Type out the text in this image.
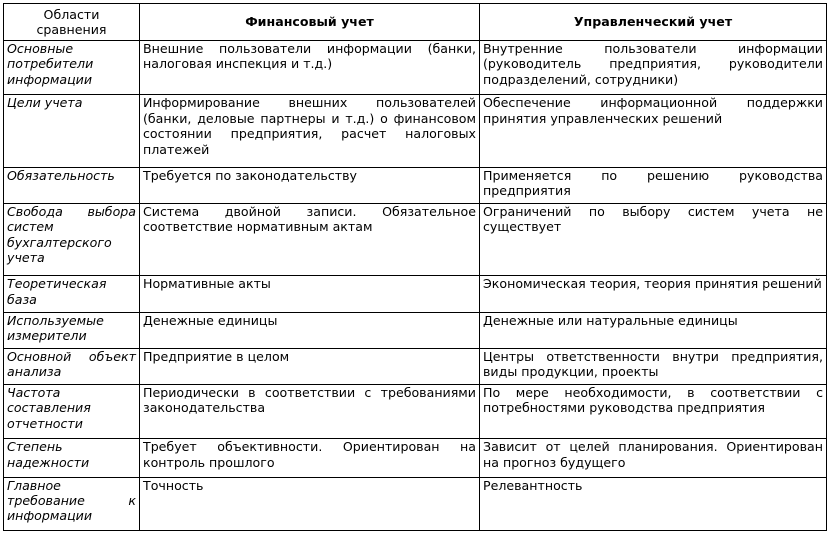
Области сравнения	Финансовый учет	Управленческий учет
Основные потребители информации	Внешние пользователи информации (банки, налоговая инспекция и т.д.)	Внутренние пользователи информации (руководитель предприятия, руководители подразделений, сотрудники)
Цели учета	Информирование внешних пользователей (банки, деловые партнеры и т.д.) о финансовом состоянии предприятия, расчет налоговых платежей	Обеспечение информационной поддержки принятия управленческих решений
Обязательность	Требуется по законодательству	Применяется по решению руководства предприятия
Свобода выбора систем бухгалтерского учета	Система двойной записи. Обязательное соответствие нормативным актам	Ограничений по выбору систем учета не существует
Теоретическая база	Нормативные акты	Экономическая теория, теория принятия решений
Используемые измерители	Денежные единицы	Денежные или натуральные единицы
Основной объект анализа	Предприятие в целом	Центры ответственности внутри предприятия, виды продукции, проекты
Частота составления отчетности	Периодически в соответствии с требованиями законодательства	По мере необходимости, в соответствии с потребностями руководства предприятия
Степень надежности	Требует объективности. Ориентирован на контроль прошлого	Зависит от целей планирования. Ориентирован на прогноз будущего
Главное требование к информации	Точность	Релевантность
